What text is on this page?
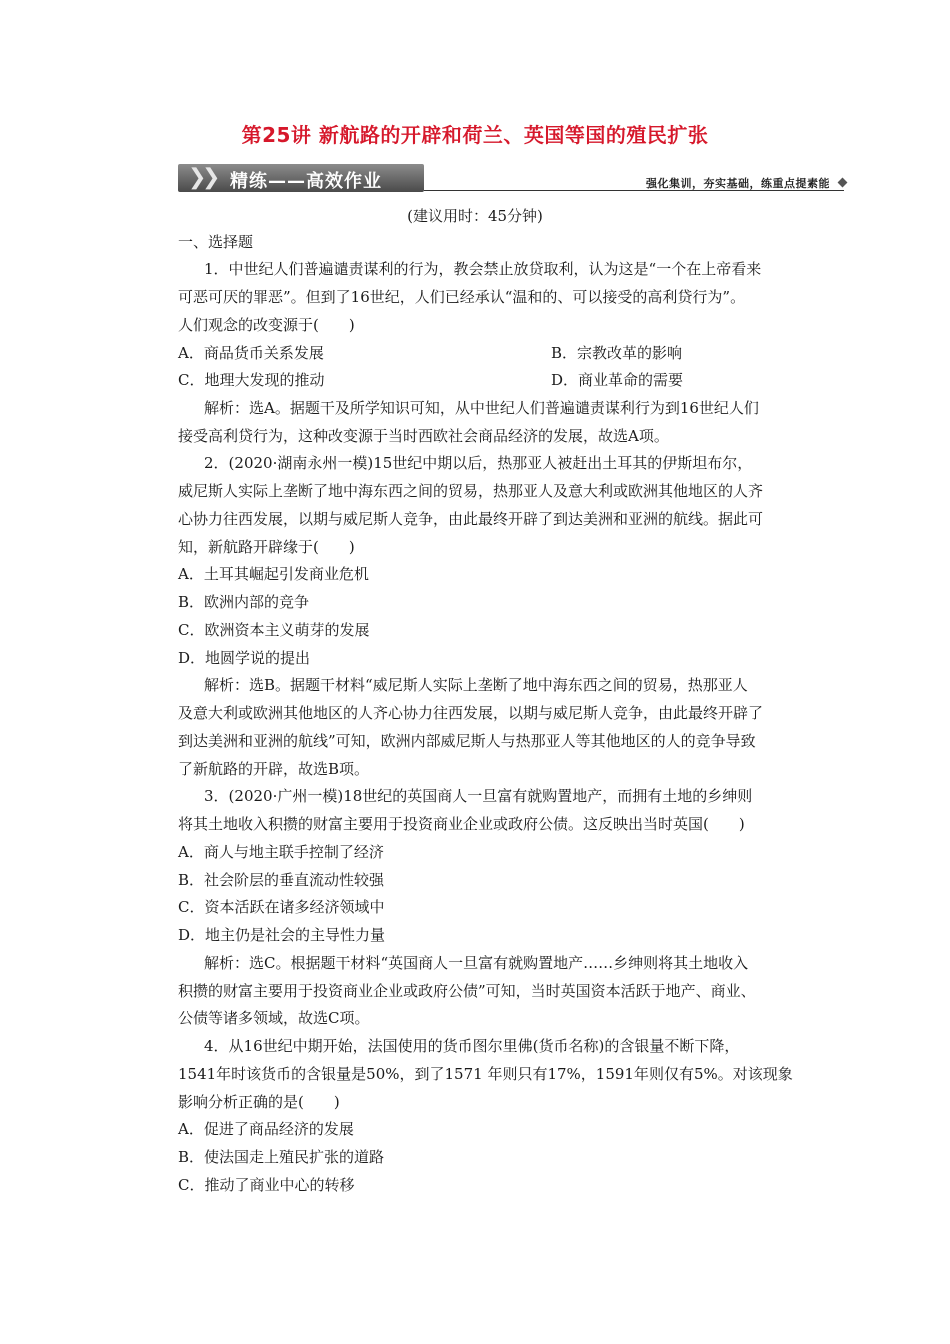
第25讲 新航路的开辟和荷兰、英国等国的殖民扩张
❯
❯ 精练——高效作业	强化集训，夯实基础，练重点提素能
(建议用时：45分钟)
一、选择题
1．中世纪人们普遍谴责谋利的行为，教会禁止放贷取利，认为这是“一个在上帝看来
可恶可厌的罪恶”。但到了16世纪，人们已经承认“温和的、可以接受的高利贷行为”。
人们观念的改变源于(　　)
A．商品货币关系发展	B．宗教改革的影响
C．地理大发现的推动	D．商业革命的需要
解析：选A。据题干及所学知识可知，从中世纪人们普遍谴责谋利行为到16世纪人们
接受高利贷行为，这种改变源于当时西欧社会商品经济的发展，故选A项。
2．(2020·湖南永州一模)15世纪中期以后，热那亚人被赶出土耳其的伊斯坦布尔，
威尼斯人实际上垄断了地中海东西之间的贸易，热那亚人及意大利或欧洲其他地区的人齐
心协力往西发展，以期与威尼斯人竞争，由此最终开辟了到达美洲和亚洲的航线。据此可
知，新航路开辟缘于(　　)
A．土耳其崛起引发商业危机
B．欧洲内部的竞争
C．欧洲资本主义萌芽的发展
D．地圆学说的提出
解析：选B。据题干材料“威尼斯人实际上垄断了地中海东西之间的贸易，热那亚人
及意大利或欧洲其他地区的人齐心协力往西发展，以期与威尼斯人竞争，由此最终开辟了
到达美洲和亚洲的航线”可知，欧洲内部威尼斯人与热那亚人等其他地区的人的竞争导致
了新航路的开辟，故选B项。
3．(2020·广州一模)18世纪的英国商人一旦富有就购置地产，而拥有土地的乡绅则
将其土地收入积攒的财富主要用于投资商业企业或政府公债。这反映出当时英国(　　)
A．商人与地主联手控制了经济
B．社会阶层的垂直流动性较强
C．资本活跃在诸多经济领域中
D．地主仍是社会的主导性力量
解析：选C。根据题干材料“英国商人一旦富有就购置地产……乡绅则将其土地收入
积攒的财富主要用于投资商业企业或政府公债”可知，当时英国资本活跃于地产、商业、
公债等诸多领域，故选C项。
4．从16世纪中期开始，法国使用的货币图尔里佛(货币名称)的含银量不断下降，
1541年时该货币的含银量是50%，到了1571 年则只有17%，1591年则仅有5%。对该现象
影响分析正确的是(　　)
A．促进了商品经济的发展
B．使法国走上殖民扩张的道路
C．推动了商业中心的转移
